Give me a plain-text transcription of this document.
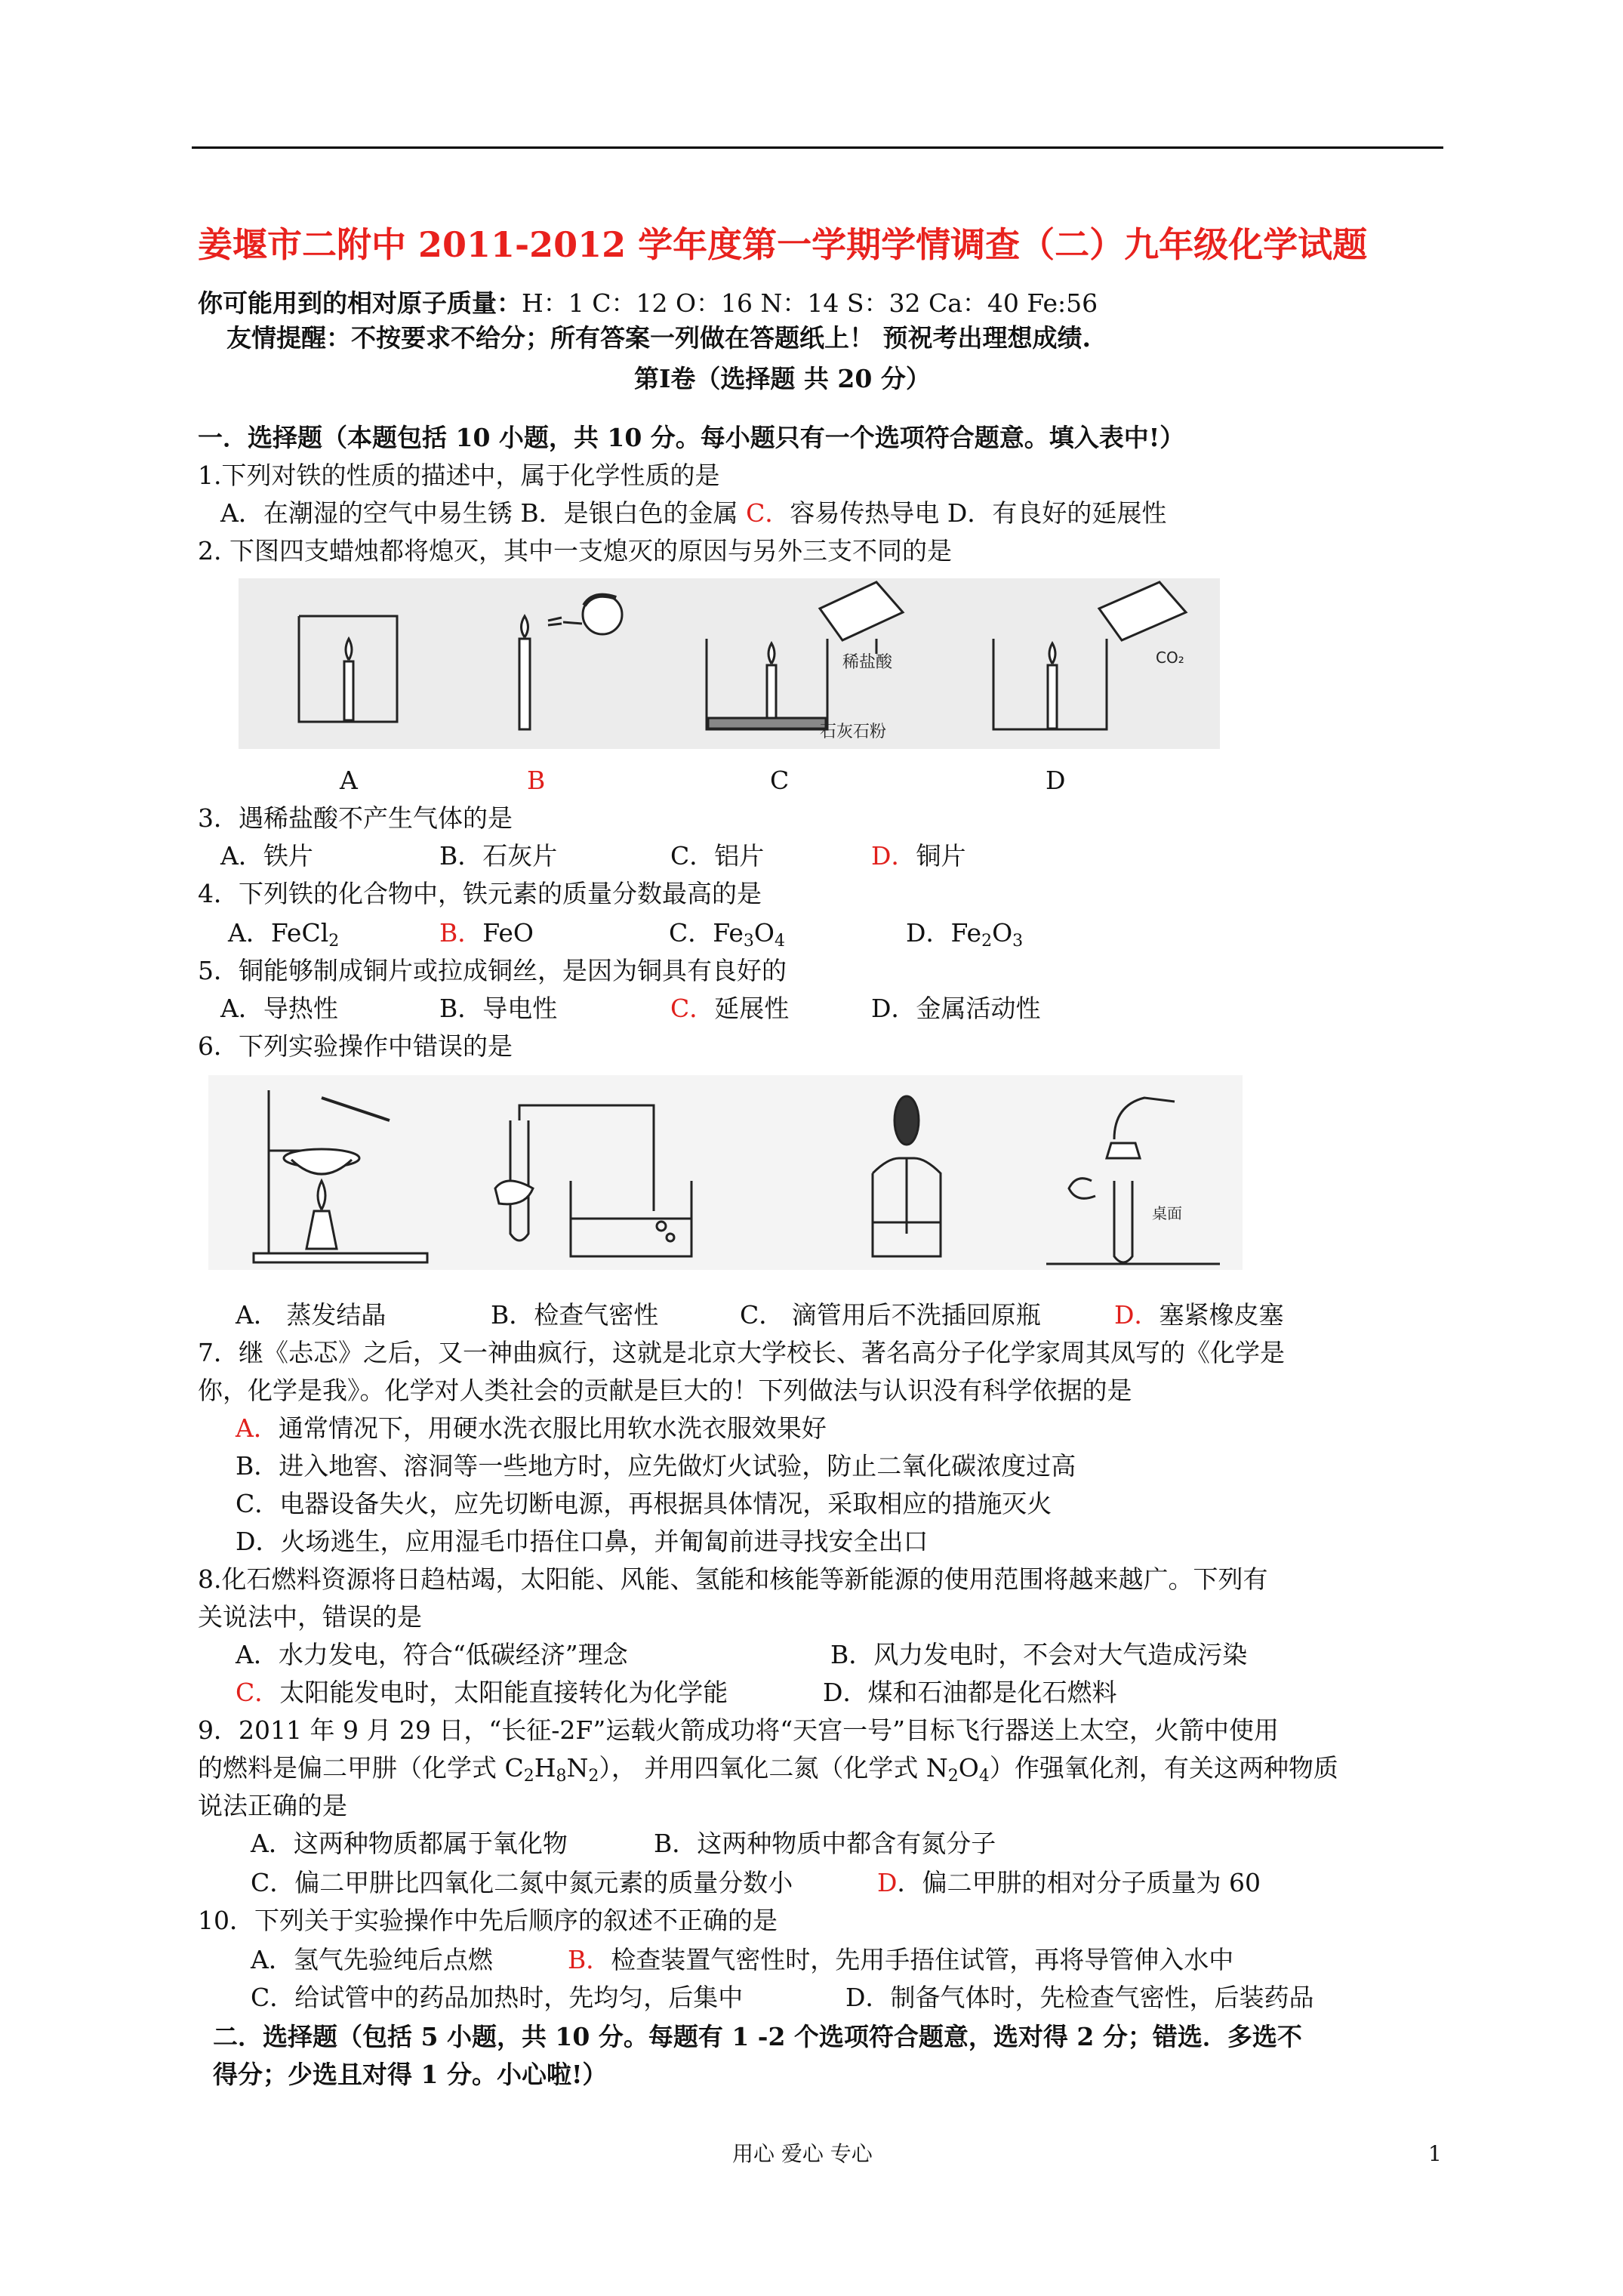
姜堰市二附中 2011-2012 学年度第一学期学情调查（二）九年级化学试题
你可能用到的相对原子质量：H：1 C：12 O：16 N：14 S：32 Ca：40 Fe:56
友情提醒：不按要求不给分；所有答案一列做在答题纸上！ 预祝考出理想成绩.
第Ⅰ卷（选择题 共 20 分）
一．选择题（本题包括 10 小题，共 10 分。每小题只有一个选项符合题意。填入表中!）
1.下列对铁的性质的描述中，属于化学性质的是
A．在潮湿的空气中易生锈 B．是银白色的金属 C．容易传热导电 D．有良好的延展性
2. 下图四支蜡烛都将熄灭，其中一支熄灭的原因与另外三支不同的是
稀盐酸
石灰石粉
CO₂
A	B	C	D
3．遇稀盐酸不产生气体的是
A．铁片	B．石灰片	C．铝片	D．铜片
4．下列铁的化合物中，铁元素的质量分数最高的是
A．FeCl$_2$	B．FeO	C．$Fe_3O_4$	D．$Fe_2O_3$
5．铜能够制成铜片或拉成铜丝，是因为铜具有良好的
A．导热性	B．导电性	C．延展性	D．金属活动性
6．下列实验操作中错误的是
桌面
A． 蒸发结晶	B．检查气密性	C． 滴管用后不洗插回原瓶	D．塞紧橡皮塞
7．继《忐忑》之后，又一神曲疯行，这就是北京大学校长、著名高分子化学家周其凤写的《化学是
你，化学是我》。化学对人类社会的贡献是巨大的！下列做法与认识没有科学依据的是
A．通常情况下，用硬水洗衣服比用软水洗衣服效果好
B．进入地窖、溶洞等一些地方时，应先做灯火试验，防止二氧化碳浓度过高
C．电器设备失火，应先切断电源，再根据具体情况，采取相应的措施灭火
D．火场逃生，应用湿毛巾捂住口鼻，并匍匐前进寻找安全出口
8.化石燃料资源将日趋枯竭，太阳能、风能、氢能和核能等新能源的使用范围将越来越广。下列有
关说法中，错误的是
A．水力发电，符合“低碳经济”理念	B．风力发电时，不会对大气造成污染
C．太阳能发电时，太阳能直接转化为化学能	D．煤和石油都是化石燃料
9．2011 年 9 月 29 日，“长征-2F”运载火箭成功将“天宫一号”目标飞行器送上太空，火箭中使用
的燃料是偏二甲肼（化学式 $C_2H_8N_2$）， 并用四氧化二氮（化学式 $N_2O_4$）作强氧化剂，有关这两种物质
说法正确的是
A．这两种物质都属于氧化物	B．这两种物质中都含有氮分子
C．偏二甲肼比四氧化二氮中氮元素的质量分数小	D．偏二甲肼的相对分子质量为 60
10．下列关于实验操作中先后顺序的叙述不正确的是
A．氢气先验纯后点燃	B．检查装置气密性时，先用手捂住试管，再将导管伸入水中
C．给试管中的药品加热时，先均匀，后集中	D．制备气体时，先检查气密性，后装药品
二．选择题（包括 5 小题，共 10 分。每题有 1 -2 个选项符合题意，选对得 2 分；错选．多选不
得分；少选且对得 1 分。小心啦!）
用心 爱心 专心	1
